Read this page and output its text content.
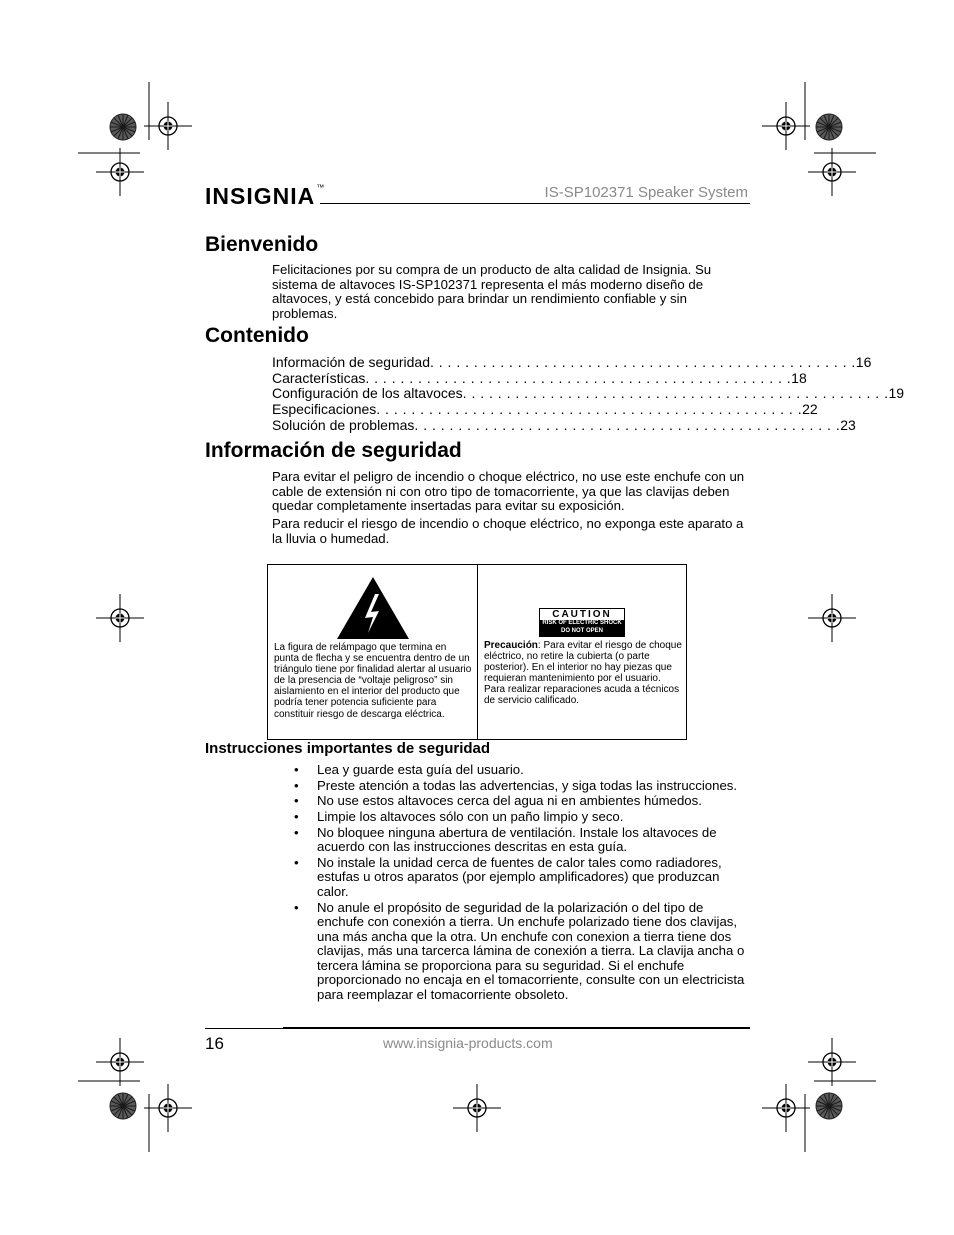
INSIGNIA™	IS-SP102371 Speaker System
Bienvenido

Felicitaciones por su compra de un producto de alta calidad de Insignia. Su sistema de altavoces IS-SP102371 representa el más moderno diseño de altavoces, y está concebido para brindar un rendimiento confiable y sin problemas.

Contenido
Información de seguridad . . . . . . . . . . . . . . . . . . . . . . . . . . . . . . . . . . . . . . . . . . . . . . . . . 16
Características . . . . . . . . . . . . . . . . . . . . . . . . . . . . . . . . . . . . . . . . . . . . . . . . . 18
Configuración de los altavoces . . . . . . . . . . . . . . . . . . . . . . . . . . . . . . . . . . . . . . . . . . . . . . . . . 19
Especificaciones . . . . . . . . . . . . . . . . . . . . . . . . . . . . . . . . . . . . . . . . . . . . . . . . . 22
Solución de problemas . . . . . . . . . . . . . . . . . . . . . . . . . . . . . . . . . . . . . . . . . . . . . . . . . 23
Información de seguridad

Para evitar el peligro de incendio o choque eléctrico, no use este enchufe con un cable de extensión ni con otro tipo de tomacorriente, ya que las clavijas deben quedar completamente insertadas para evitar su exposición.

Para reducir el riesgo de incendio o choque eléctrico, no exponga este aparato a la lluvia o humedad.

La figura de relámpago que termina en punta de flecha y se encuentra dentro de un triángulo tiene por finalidad alertar al usuario de la presencia de “voltaje peligroso” sin aislamiento en el interior del producto que podría tener potencia suficiente para constituir riesgo de descarga eléctrica.
CAUTION
RISK OF ELECTRIC SHOCK
DO NOT OPEN
Precaución: Para evitar el riesgo de choque eléctrico, no retire la cubierta (o parte posterior). En el interior no hay piezas que requieran mantenimiento por el usuario. Para realizar reparaciones acuda a técnicos de servicio calificado.
Instrucciones importantes de seguridad
• Lea y guarde esta guía del usuario.
• Preste atención a todas las advertencias, y siga todas las instrucciones.
• No use estos altavoces cerca del agua ni en ambientes húmedos.
• Limpie los altavoces sólo con un paño limpio y seco.
• No bloquee ninguna abertura de ventilación. Instale los altavoces de acuerdo con las instrucciones descritas en esta guía.
• No instale la unidad cerca de fuentes de calor tales como radiadores, estufas u otros aparatos (por ejemplo amplificadores) que produzcan calor.
• No anule el propósito de seguridad de la polarización o del tipo de enchufe con conexión a tierra. Un enchufe polarizado tiene dos clavijas, una más ancha que la otra. Un enchufe con conexion a tierra tiene dos clavijas, más una tarcerca lámina de conexión a tierra. La clavija ancha o tercera lámina se proporciona para su seguridad. Si el enchufe proporcionado no encaja en el tomacorriente, consulte con un electricista para reemplazar el tomacorriente obsoleto.
16	www.insignia-products.com
